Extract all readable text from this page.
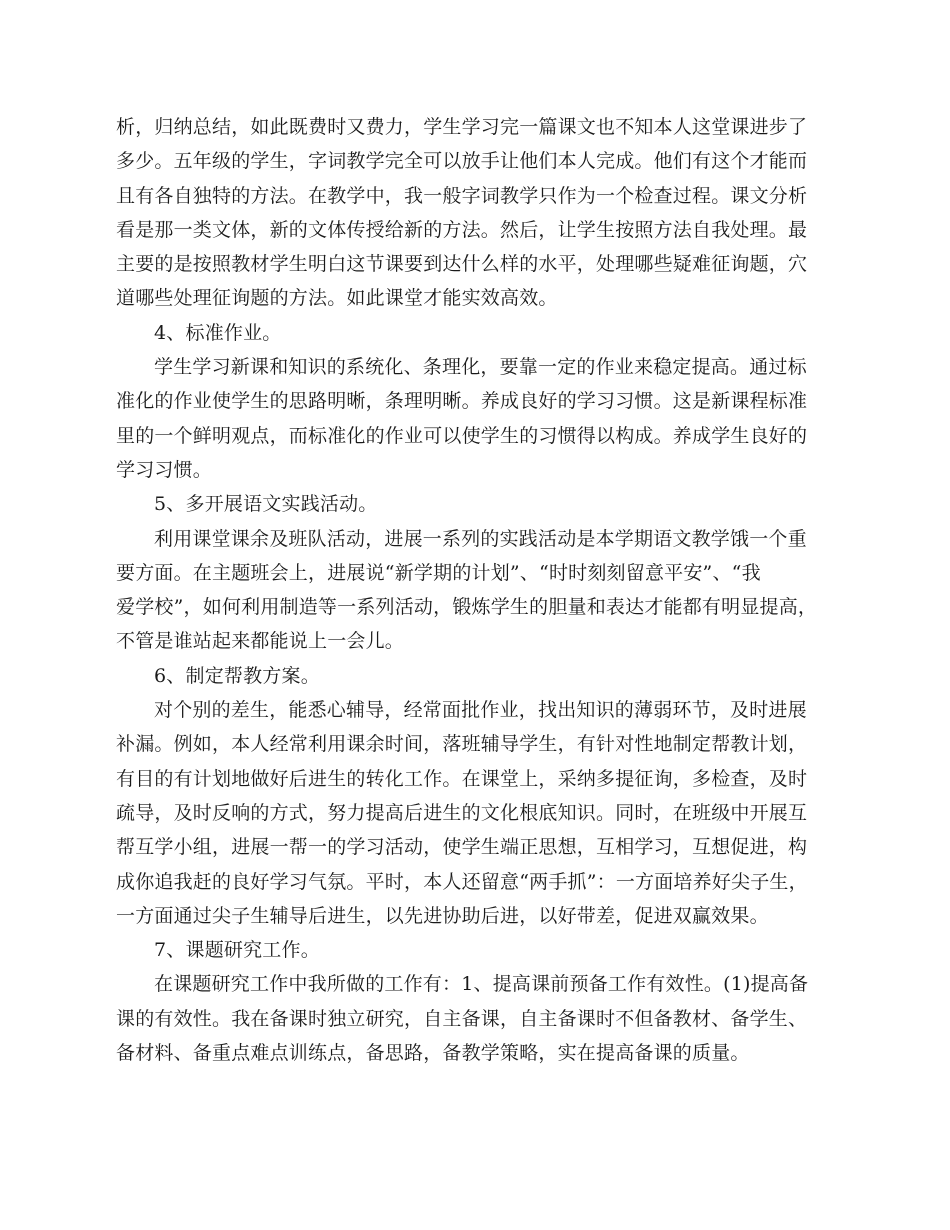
析，归纳总结，如此既费时又费力，学生学习完一篇课文也不知本人这堂课进步了
多少。五年级的学生，字词教学完全可以放手让他们本人完成。他们有这个才能而
且有各自独特的方法。在教学中，我一般字词教学只作为一个检查过程。课文分析
看是那一类文体，新的文体传授给新的方法。然后，让学生按照方法自我处理。最
主要的是按照教材学生明白这节课要到达什么样的水平，处理哪些疑难征询题，穴
道哪些处理征询题的方法。如此课堂才能实效高效。
4、标准作业。
学生学习新课和知识的系统化、条理化，要靠一定的作业来稳定提高。通过标
准化的作业使学生的思路明晰，条理明晰。养成良好的学习习惯。这是新课程标准
里的一个鲜明观点，而标准化的作业可以使学生的习惯得以构成。养成学生良好的
学习习惯。
5、多开展语文实践活动。
利用课堂课余及班队活动，进展一系列的实践活动是本学期语文教学饿一个重
要方面。在主题班会上，进展说“新学期的计划”、“时时刻刻留意平安”、“我
爱学校”，如何利用制造等一系列活动，锻炼学生的胆量和表达才能都有明显提高，
不管是谁站起来都能说上一会儿。
6、制定帮教方案。
对个别的差生，能悉心辅导，经常面批作业，找出知识的薄弱环节，及时进展
补漏。例如，本人经常利用课余时间，落班辅导学生，有针对性地制定帮教计划，
有目的有计划地做好后进生的转化工作。在课堂上，采纳多提征询，多检查，及时
疏导，及时反响的方式，努力提高后进生的文化根底知识。同时，在班级中开展互
帮互学小组，进展一帮一的学习活动，使学生端正思想，互相学习，互想促进，构
成你追我赶的良好学习气氛。平时，本人还留意“两手抓”：一方面培养好尖子生，
一方面通过尖子生辅导后进生，以先进协助后进，以好带差，促进双赢效果。
7、课题研究工作。
在课题研究工作中我所做的工作有：1、提高课前预备工作有效性。(1)提高备
课的有效性。我在备课时独立研究，自主备课，自主备课时不但备教材、备学生、
备材料、备重点难点训练点，备思路，备教学策略，实在提高备课的质量。
